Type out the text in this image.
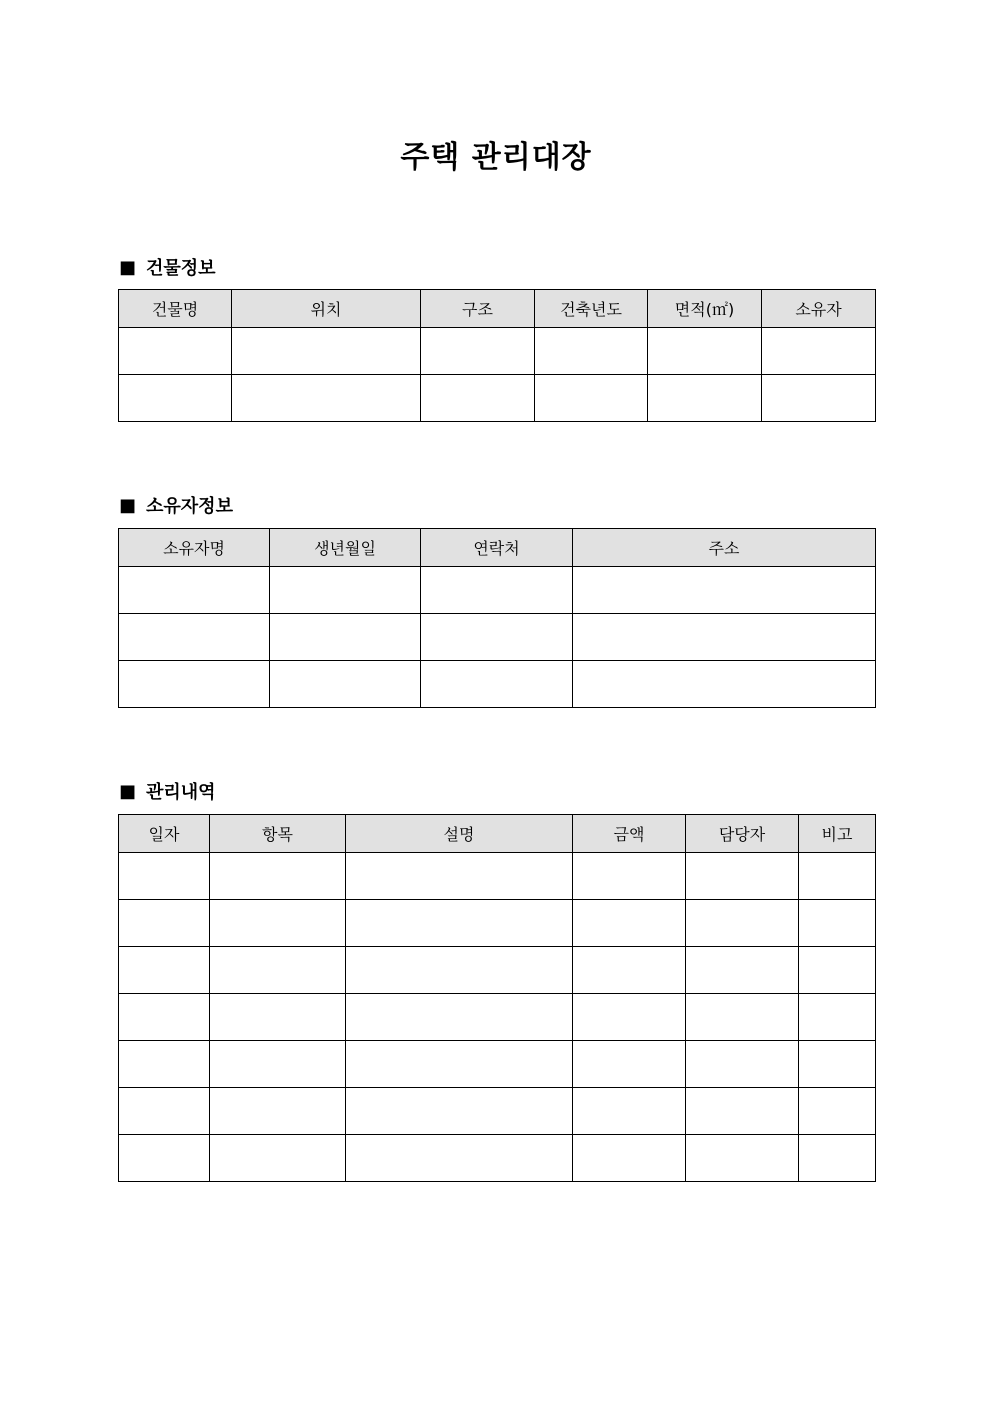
주택 관리대장
■ 건물정보
건물명	위치	구조	건축년도	면적(㎡)	소유자

■ 소유자정보
소유자명	생년월일	연락처	주소

■ 관리내역
일자	항목	설명	금액	담당자	비고
